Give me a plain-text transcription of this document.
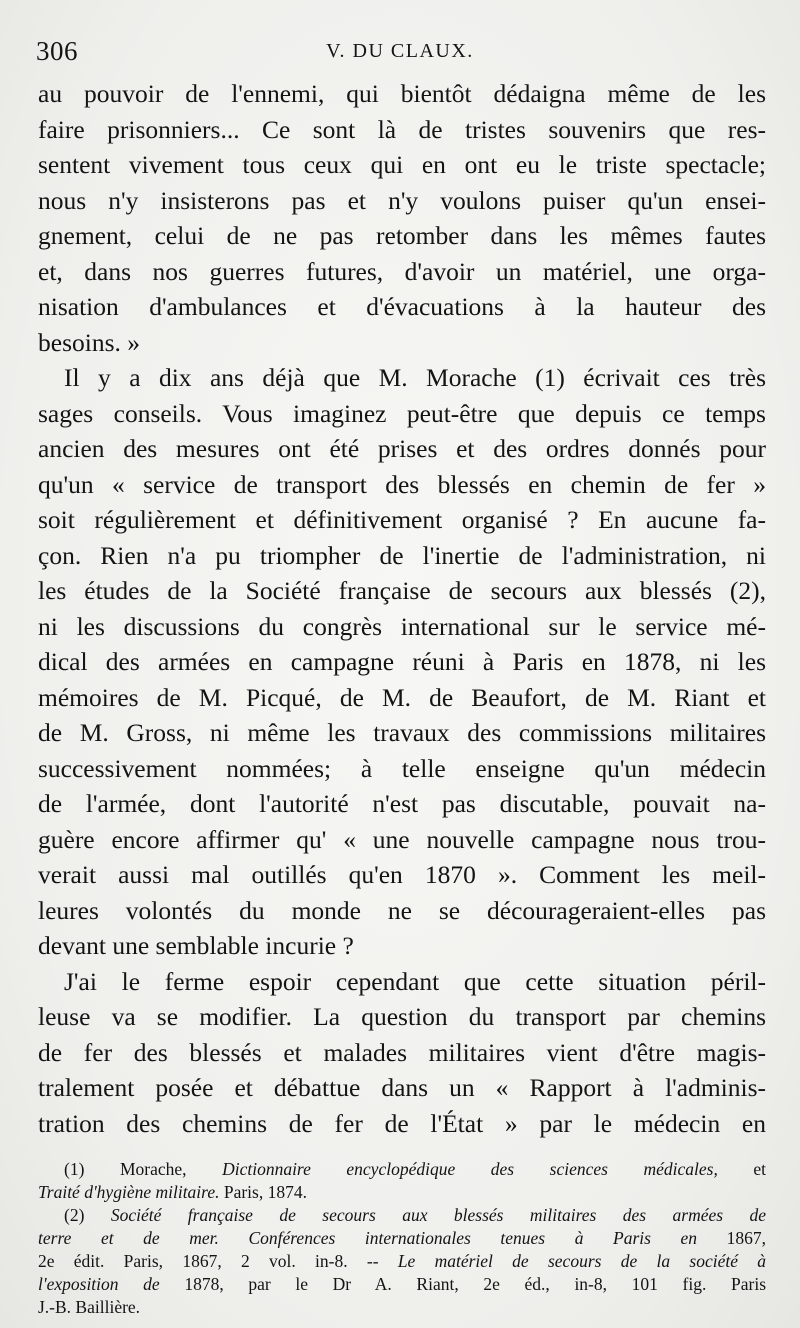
306	V. DU CLAUX.
au pouvoir de l'ennemi, qui bientôt dédaigna même de les
faire prisonniers... Ce sont là de tristes souvenirs que res-
sentent vivement tous ceux qui en ont eu le triste spectacle;
nous n'y insisterons pas et n'y voulons puiser qu'un ensei-
gnement, celui de ne pas retomber dans les mêmes fautes
et, dans nos guerres futures, d'avoir un matériel, une orga-
nisation d'ambulances et d'évacuations à la hauteur des
besoins. »
Il y a dix ans déjà que M. Morache (1) écrivait ces très
sages conseils. Vous imaginez peut-être que depuis ce temps
ancien des mesures ont été prises et des ordres donnés pour
qu'un « service de transport des blessés en chemin de fer »
soit régulièrement et définitivement organisé ? En aucune fa-
çon. Rien n'a pu triompher de l'inertie de l'administration, ni
les études de la Société française de secours aux blessés (2),
ni les discussions du congrès international sur le service mé-
dical des armées en campagne réuni à Paris en 1878, ni les
mémoires de M. Picqué, de M. de Beaufort, de M. Riant et
de M. Gross, ni même les travaux des commissions militaires
successivement nommées; à telle enseigne qu'un médecin
de l'armée, dont l'autorité n'est pas discutable, pouvait na-
guère encore affirmer qu' « une nouvelle campagne nous trou-
verait aussi mal outillés qu'en 1870 ». Comment les meil-
leures volontés du monde ne se décourageraient-elles pas
devant une semblable incurie ?
J'ai le ferme espoir cependant que cette situation péril-
leuse va se modifier. La question du transport par chemins
de fer des blessés et malades militaires vient d'être magis-
tralement posée et débattue dans un « Rapport à l'adminis-
tration des chemins de fer de l'État » par le médecin en
(1) Morache, Dictionnaire encyclopédique des sciences médicales, et
Traité d'hygiène militaire. Paris, 1874.
(2) Société française de secours aux blessés militaires des armées de
terre et de mer. Conférences internationales tenues à Paris en 1867,
2e édit. Paris, 1867, 2 vol. in-8. -- Le matériel de secours de la société à
l'exposition de 1878, par le Dr A. Riant, 2e éd., in-8, 101 fig. Paris
J.-B. Baillière.
